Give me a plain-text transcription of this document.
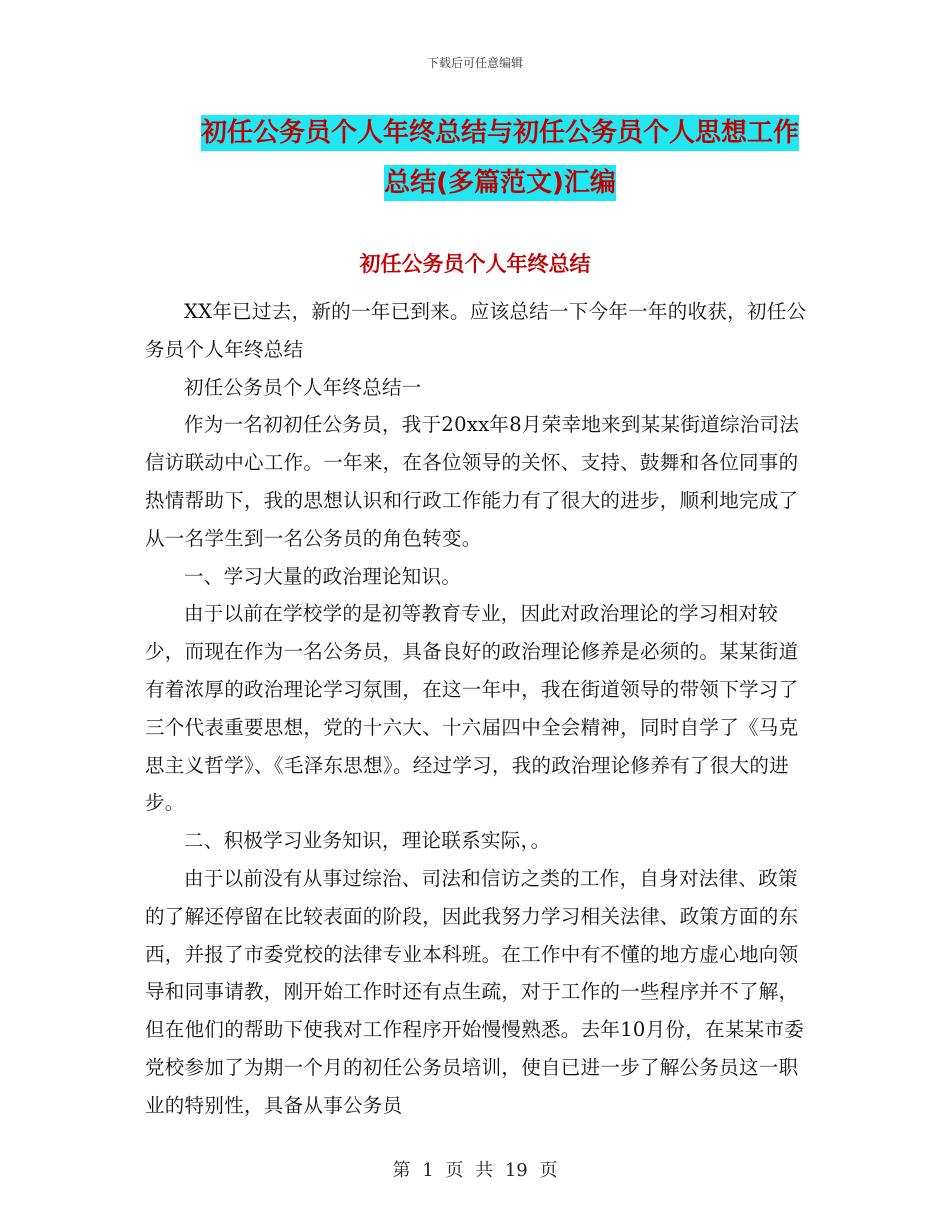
下载后可任意编辑
初任公务员个人年终总结与初任公务员个人思想工作
总结(多篇范文)汇编
初任公务员个人年终总结

XX年已过去，新的一年已到来。应该总结一下今年一年的收获，初任公务员个人年终总结

初任公务员个人年终总结一

作为一名初初任公务员，我于20xx年8月荣幸地来到某某街道综治司法信访联动中心工作。一年来，在各位领导的关怀、支持、鼓舞和各位同事的热情帮助下，我的思想认识和行政工作能力有了很大的进步，顺利地完成了从一名学生到一名公务员的角色转变。

一、学习大量的政治理论知识。

由于以前在学校学的是初等教育专业，因此对政治理论的学习相对较少，而现在作为一名公务员，具备良好的政治理论修养是必须的。某某街道有着浓厚的政治理论学习氛围，在这一年中，我在街道领导的带领下学习了三个代表重要思想，党的十六大、十六届四中全会精神，同时自学了《马克思主义哲学》、《毛泽东思想》。经过学习，我的政治理论修养有了很大的进步。

二、积极学习业务知识，理论联系实际，。

由于以前没有从事过综治、司法和信访之类的工作，自身对法律、政策的了解还停留在比较表面的阶段，因此我努力学习相关法律、政策方面的东西，并报了市委党校的法律专业本科班。在工作中有不懂的地方虚心地向领导和同事请教，刚开始工作时还有点生疏，对于工作的一些程序并不了解，但在他们的帮助下使我对工作程序开始慢慢熟悉。去年10月份，在某某市委党校参加了为期一个月的初任公务员培训，使自已进一步了解公务员这一职业的特别性，具备从事公务员

第 1 页 共 19 页
